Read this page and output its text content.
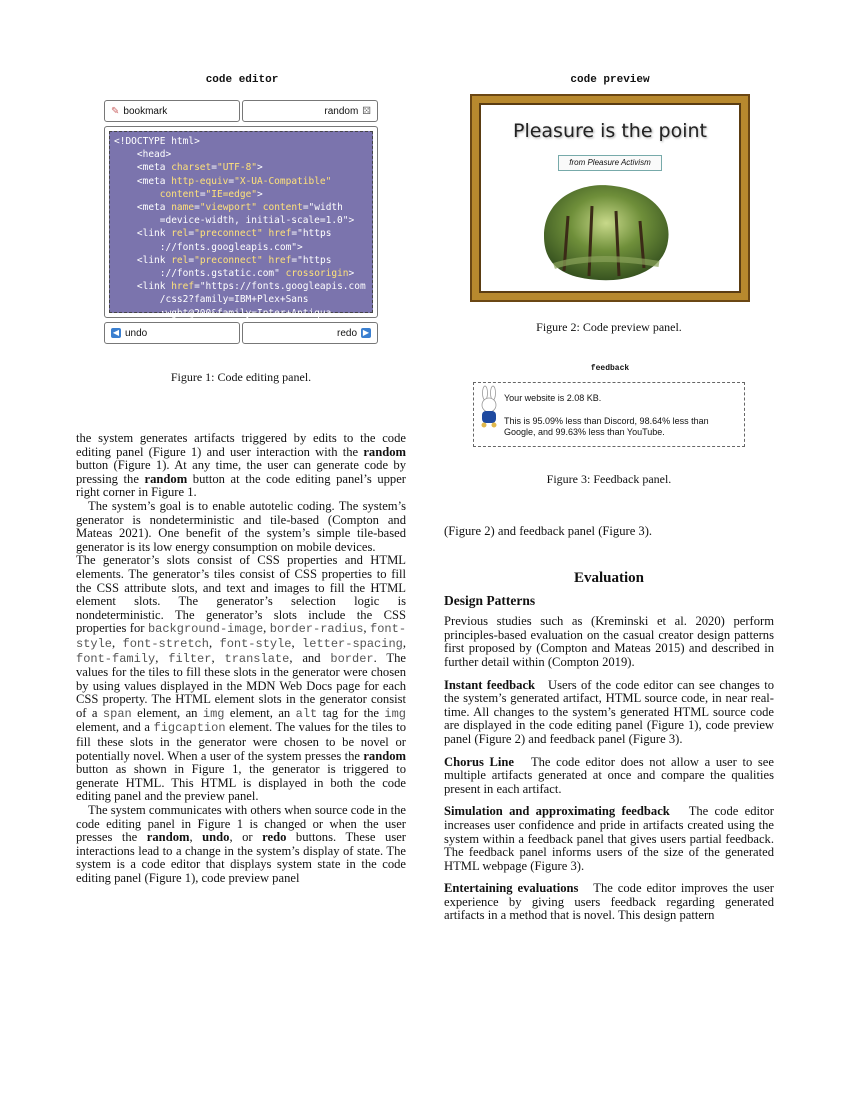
code editor
✎ bookmark	random ⚄
<!DOCTYPE html>
<head>
<meta charset="UTF-8">
<meta http-equiv="X-UA-Compatible"
content="IE=edge">
<meta name="viewport" content="width
=device-width, initial-scale=1.0">
<link rel="preconnect" href="https
://fonts.googleapis.com">
<link rel="preconnect" href="https
://fonts.gstatic.com" crossorigin>
<link href="https://fonts.googleapis.com
/css2?family=IBM+Plex+Sans
:wght@200&family=Inter+Antiqua
◀ undo	redo ▶
Figure 1: Code editing panel.
code preview
Pleasure is the point
from Pleasure Activism
Figure 2: Code preview panel.
feedback
Your website is 2.08 KB.
This is 95.09% less than Discord, 98.64% less than Google, and 99.63% less than YouTube.
Figure 3: Feedback panel.

the system generates artifacts triggered by edits to the code editing panel (Figure 1) and user interaction with the random button (Figure 1). At any time, the user can generate code by pressing the random button at the code editing panel’s upper right corner in Figure 1.

The system’s goal is to enable autotelic coding. The system’s generator is nondeterministic and tile-based (Compton and Mateas 2021). One benefit of the system’s simple tile-based generator is its low energy consumption on mobile devices.

The generator’s slots consist of CSS properties and HTML elements. The generator’s tiles consist of CSS properties to fill the CSS attribute slots, and text and images to fill the HTML element slots. The generator’s selection logic is nondeterministic. The generator’s slots include the CSS properties for background-image, border-radius, font-style, font-stretch, font-style, letter-spacing, font-family, filter, translate, and border. The values for the tiles to fill these slots in the generator were chosen by using values displayed in the MDN Web Docs page for each CSS property. The HTML element slots in the generator consist of a span element, an img element, an alt tag for the img element, and a figcaption element. The values for the tiles to fill these slots in the generator were chosen to be novel or potentially novel. When a user of the system presses the random button as shown in Figure 1, the generator is triggered to generate HTML. This HTML is displayed in both the code editing panel and the preview panel.

The system communicates with others when source code in the code editing panel in Figure 1 is changed or when the user presses the random, undo, or redo buttons. These user interactions lead to a change in the system’s display of state. The system is a code editor that displays system state in the code editing panel (Figure 1), code preview panel

(Figure 2) and feedback panel (Figure 3).

Evaluation
Design Patterns

Previous studies such as (Kreminski et al. 2020) perform principles-based evaluation on the casual creator design patterns first proposed by (Compton and Mateas 2015) and described in further detail within (Compton 2019).

Instant feedback Users of the code editor can see changes to the system’s generated artifact, HTML source code, in near real-time. All changes to the system’s generated HTML source code are displayed in the code editing panel (Figure 1), code preview panel (Figure 2) and feedback panel (Figure 3).

Chorus Line The code editor does not allow a user to see multiple artifacts generated at once and compare the qualities present in each artifact.

Simulation and approximating feedback The code editor increases user confidence and pride in artifacts created using the system within a feedback panel that gives users partial feedback. The feedback panel informs users of the size of the generated HTML webpage (Figure 3).

Entertaining evaluations The code editor improves the user experience by giving users feedback regarding generated artifacts in a method that is novel. This design pattern
